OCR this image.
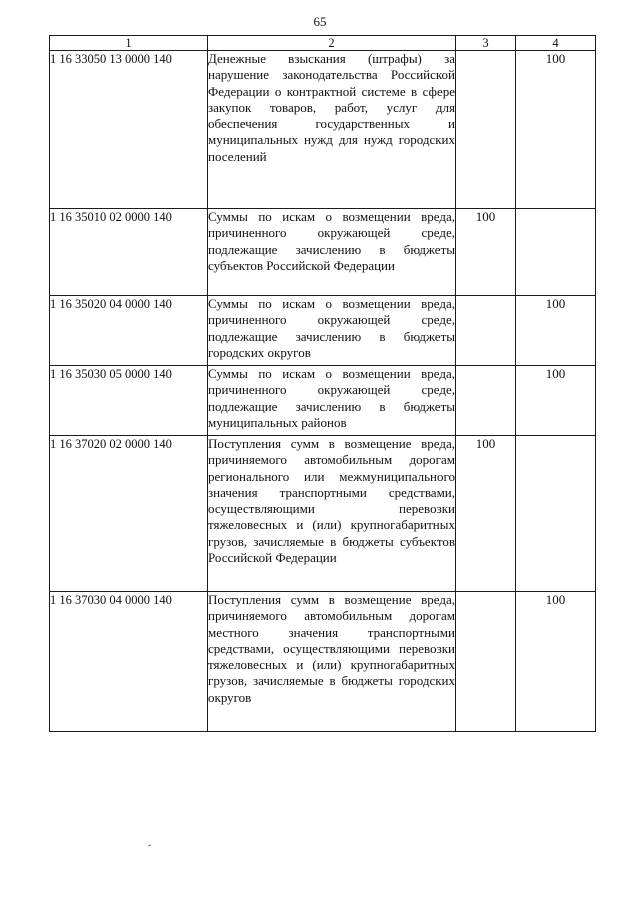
65
1	2	3	4
1 16 33050 13 0000 140	Денежные взыскания (штрафы) за нарушение законодательства Российской Федерации о контрактной системе в сфере закупок товаров, работ, услуг для обеспечения государственных и муниципальных нужд для нужд городских поселений		100
1 16 35010 02 0000 140	Суммы по искам о возмещении вреда, причиненного окружающей среде, подлежащие зачислению в бюджеты субъектов Российской Федерации	100	
1 16 35020 04 0000 140	Суммы по искам о возмещении вреда, причиненного окружающей среде, подлежащие зачислению в бюджеты городских округов		100
1 16 35030 05 0000 140	Суммы по искам о возмещении вреда, причиненного окружающей среде, подлежащие зачислению в бюджеты муниципальных районов		100
1 16 37020 02 0000 140	Поступления сумм в возмещение вреда, причиняемого автомобильным дорогам регионального или межмуниципального значения транспортными средствами, осуществляющими перевозки тяжеловесных и (или) крупногабаритных грузов, зачисляемые в бюджеты субъектов Российской Федерации	100	
1 16 37030 04 0000 140	Поступления сумм в возмещение вреда, причиняемого автомобильным дорогам местного значения транспортными средствами, осуществляющими перевозки тяжеловесных и (или) крупногабаритных грузов, зачисляемые в бюджеты городских округов		100
